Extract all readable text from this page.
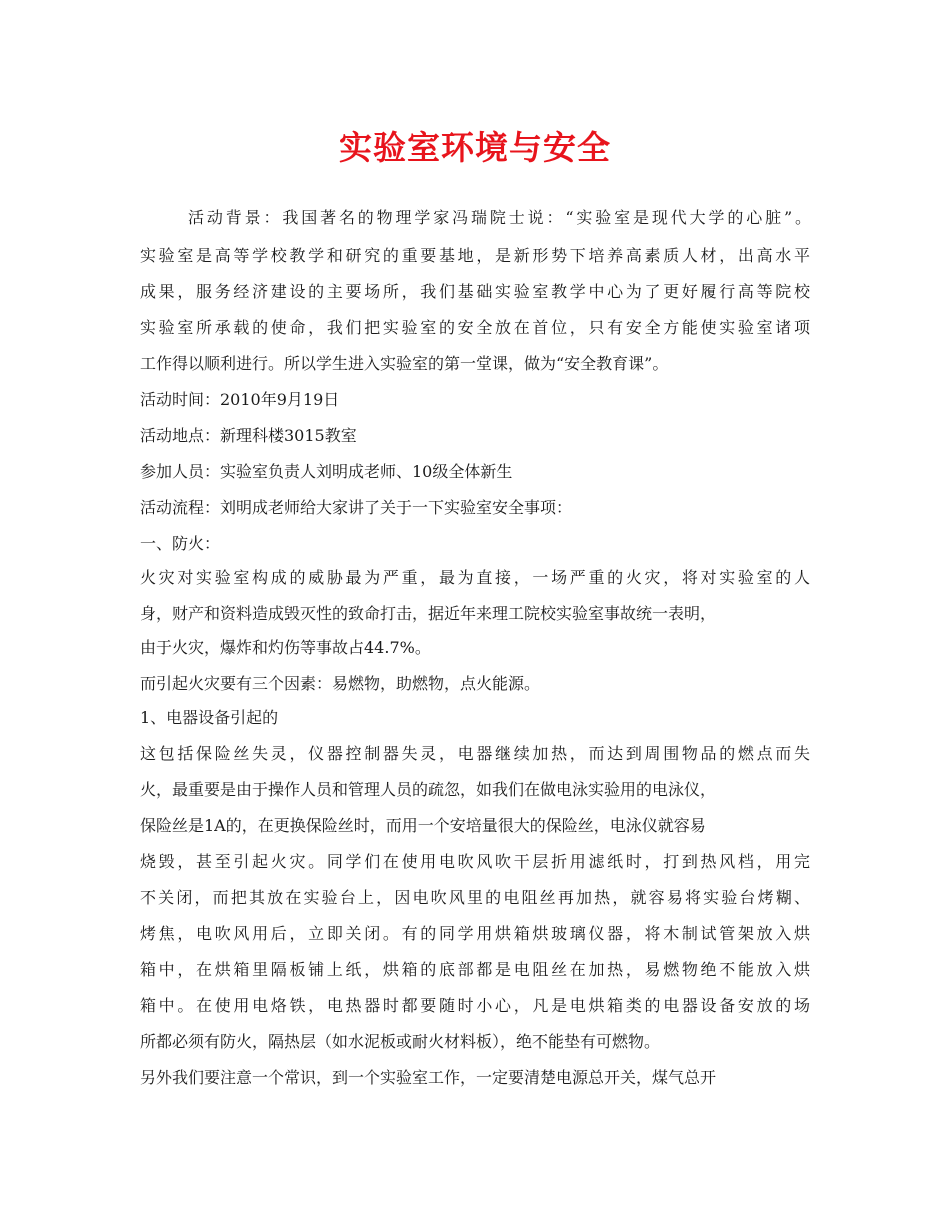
实验室环境与安全
活动背景：我国著名的物理学家冯瑞院士说：“实验室是现代大学的心脏”。
实验室是高等学校教学和研究的重要基地，是新形势下培养高素质人材，出高水平
成果，服务经济建设的主要场所，我们基础实验室教学中心为了更好履行高等院校
实验室所承载的使命，我们把实验室的安全放在首位，只有安全方能使实验室诸项
工作得以顺利进行。所以学生进入实验室的第一堂课，做为“安全教育课”。
活动时间：2010年9月19日
活动地点：新理科楼3015教室
参加人员：实验室负责人刘明成老师、10级全体新生
活动流程：刘明成老师给大家讲了关于一下实验室安全事项：
一、防火：
火灾对实验室构成的威胁最为严重，最为直接，一场严重的火灾，将对实验室的人
身，财产和资料造成毁灭性的致命打击，据近年来理工院校实验室事故统一表明，
由于火灾，爆炸和灼伤等事故占44.7%。
而引起火灾要有三个因素：易燃物，助燃物，点火能源。
1、电器设备引起的
这包括保险丝失灵，仪器控制器失灵，电器继续加热，而达到周围物品的燃点而失
火，最重要是由于操作人员和管理人员的疏忽，如我们在做电泳实验用的电泳仪，
保险丝是1A的，在更换保险丝时，而用一个安培量很大的保险丝，电泳仪就容易
烧毁，甚至引起火灾。同学们在使用电吹风吹干层折用滤纸时，打到热风档，用完
不关闭，而把其放在实验台上，因电吹风里的电阻丝再加热，就容易将实验台烤糊、
烤焦，电吹风用后，立即关闭。有的同学用烘箱烘玻璃仪器，将木制试管架放入烘
箱中，在烘箱里隔板铺上纸，烘箱的底部都是电阻丝在加热，易燃物绝不能放入烘
箱中。在使用电烙铁，电热器时都要随时小心，凡是电烘箱类的电器设备安放的场
所都必须有防火，隔热层（如水泥板或耐火材料板），绝不能垫有可燃物。
另外我们要注意一个常识，到一个实验室工作，一定要清楚电源总开关，煤气总开
